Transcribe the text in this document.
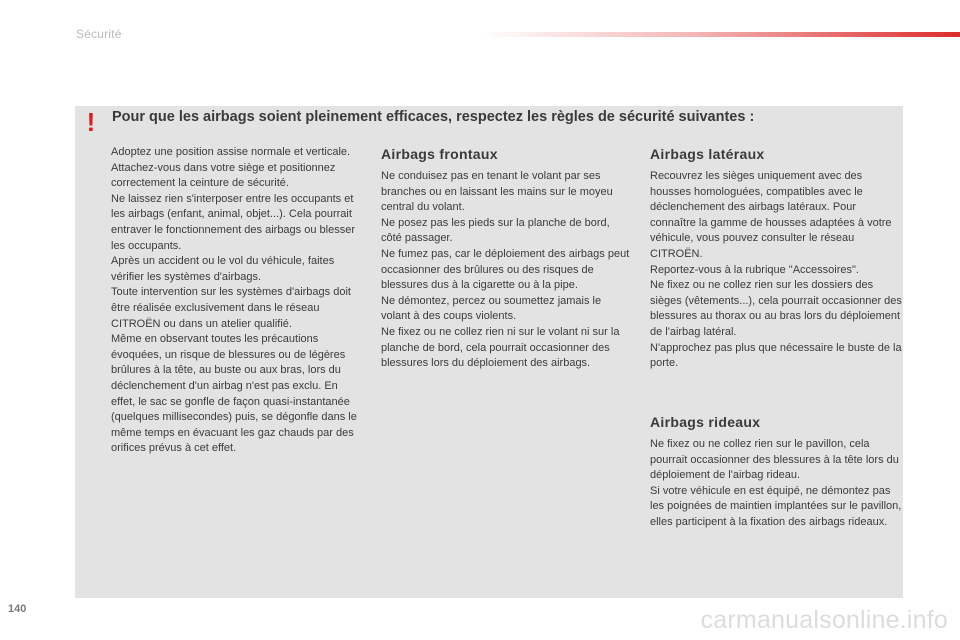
Sécurité
! Pour que les airbags soient pleinement efficaces, respectez les règles de sécurité suivantes :

Adoptez une position assise normale et verticale.

Attachez-vous dans votre siège et positionnez correctement la ceinture de sécurité.

Ne laissez rien s'interposer entre les occupants et les airbags (enfant, animal, objet...). Cela pourrait entraver le fonctionnement des airbags ou blesser les occupants.

Après un accident ou le vol du véhicule, faites vérifier les systèmes d'airbags.

Toute intervention sur les systèmes d'airbags doit être réalisée exclusivement dans le réseau CITROËN ou dans un atelier qualifié.

Même en observant toutes les précautions évoquées, un risque de blessures ou de légères brûlures à la tête, au buste ou aux bras, lors du déclenchement d'un airbag n'est pas exclu. En effet, le sac se gonfle de façon quasi-instantanée (quelques millisecondes) puis, se dégonfle dans le même temps en évacuant les gaz chauds par des orifices prévus à cet effet.

Airbags frontaux

Ne conduisez pas en tenant le volant par ses branches ou en laissant les mains sur le moyeu central du volant.

Ne posez pas les pieds sur la planche de bord, côté passager.

Ne fumez pas, car le déploiement des airbags peut occasionner des brûlures ou des risques de blessures dus à la cigarette ou à la pipe.

Ne démontez, percez ou soumettez jamais le volant à des coups violents.

Ne fixez ou ne collez rien ni sur le volant ni sur la planche de bord, cela pourrait occasionner des blessures lors du déploiement des airbags.

Airbags latéraux

Recouvrez les sièges uniquement avec des housses homologuées, compatibles avec le déclenchement des airbags latéraux. Pour connaître la gamme de housses adaptées à votre véhicule, vous pouvez consulter le réseau CITROËN.

Reportez-vous à la rubrique "Accessoires".

Ne fixez ou ne collez rien sur les dossiers des sièges (vêtements...), cela pourrait occasionner des blessures au thorax ou au bras lors du déploiement de l'airbag latéral.

N'approchez pas plus que nécessaire le buste de la porte.

Airbags rideaux

Ne fixez ou ne collez rien sur le pavillon, cela pourrait occasionner des blessures à la tête lors du déploiement de l'airbag rideau.

Si votre véhicule en est équipé, ne démontez pas les poignées de maintien implantées sur le pavillon, elles participent à la fixation des airbags rideaux.

140	carmanualsonline.info
